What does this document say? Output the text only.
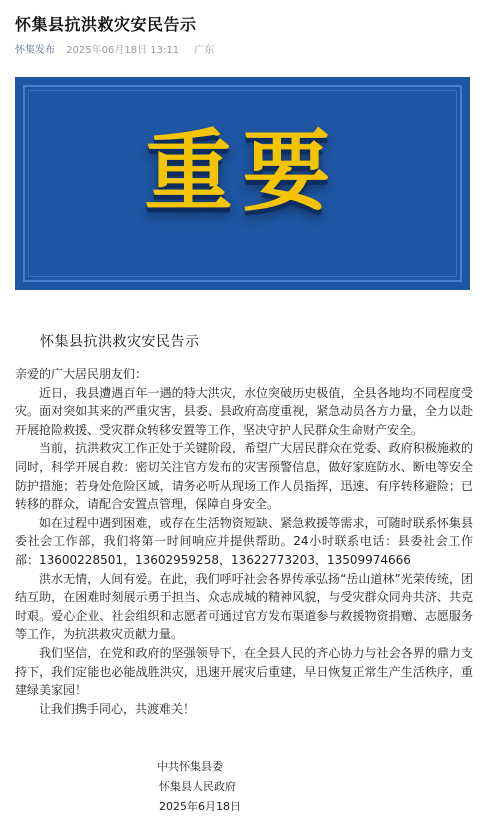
怀集县抗洪救灾安民告示
怀集发布 2025年06月18日 13:11 广东
重要
怀集县抗洪救灾安民告示

亲爱的广大居民朋友们：

近日，我县遭遇百年一遇的特大洪灾，水位突破历史极值，全县各地均不同程度受灾。面对突如其来的严重灾害，县委、县政府高度重视，紧急动员各方力量，全力以赴开展抢险救援、受灾群众转移安置等工作，坚决守护人民群众生命财产安全。

当前，抗洪救灾工作正处于关键阶段，希望广大居民群众在党委、政府积极施救的同时，科学开展自救：密切关注官方发布的灾害预警信息，做好家庭防水、断电等安全防护措施；若身处危险区域，请务必听从现场工作人员指挥，迅速、有序转移避险；已转移的群众，请配合安置点管理，保障自身安全。

如在过程中遇到困难，或存在生活物资短缺、紧急救援等需求，可随时联系怀集县委社会工作部，我们将第一时间响应并提供帮助。24小时联系电话：县委社会工作部：13600228501，13602959258，13622773203，13509974666

洪水无情，人间有爱。在此，我们呼吁社会各界传承弘扬“岳山道林”光荣传统，团结互助，在困难时刻展示勇于担当、众志成城的精神风貌，与受灾群众同舟共济、共克时艰。爱心企业、社会组织和志愿者可通过官方发布渠道参与救援物资捐赠、志愿服务等工作，为抗洪救灾贡献力量。

我们坚信，在党和政府的坚强领导下，在全县人民的齐心协力与社会各界的鼎力支持下，我们定能也必能战胜洪灾，迅速开展灾后重建，早日恢复正常生产生活秩序，重建绿美家园！

让我们携手同心，共渡难关！

中共怀集县委
怀集县人民政府
2025年6月18日
